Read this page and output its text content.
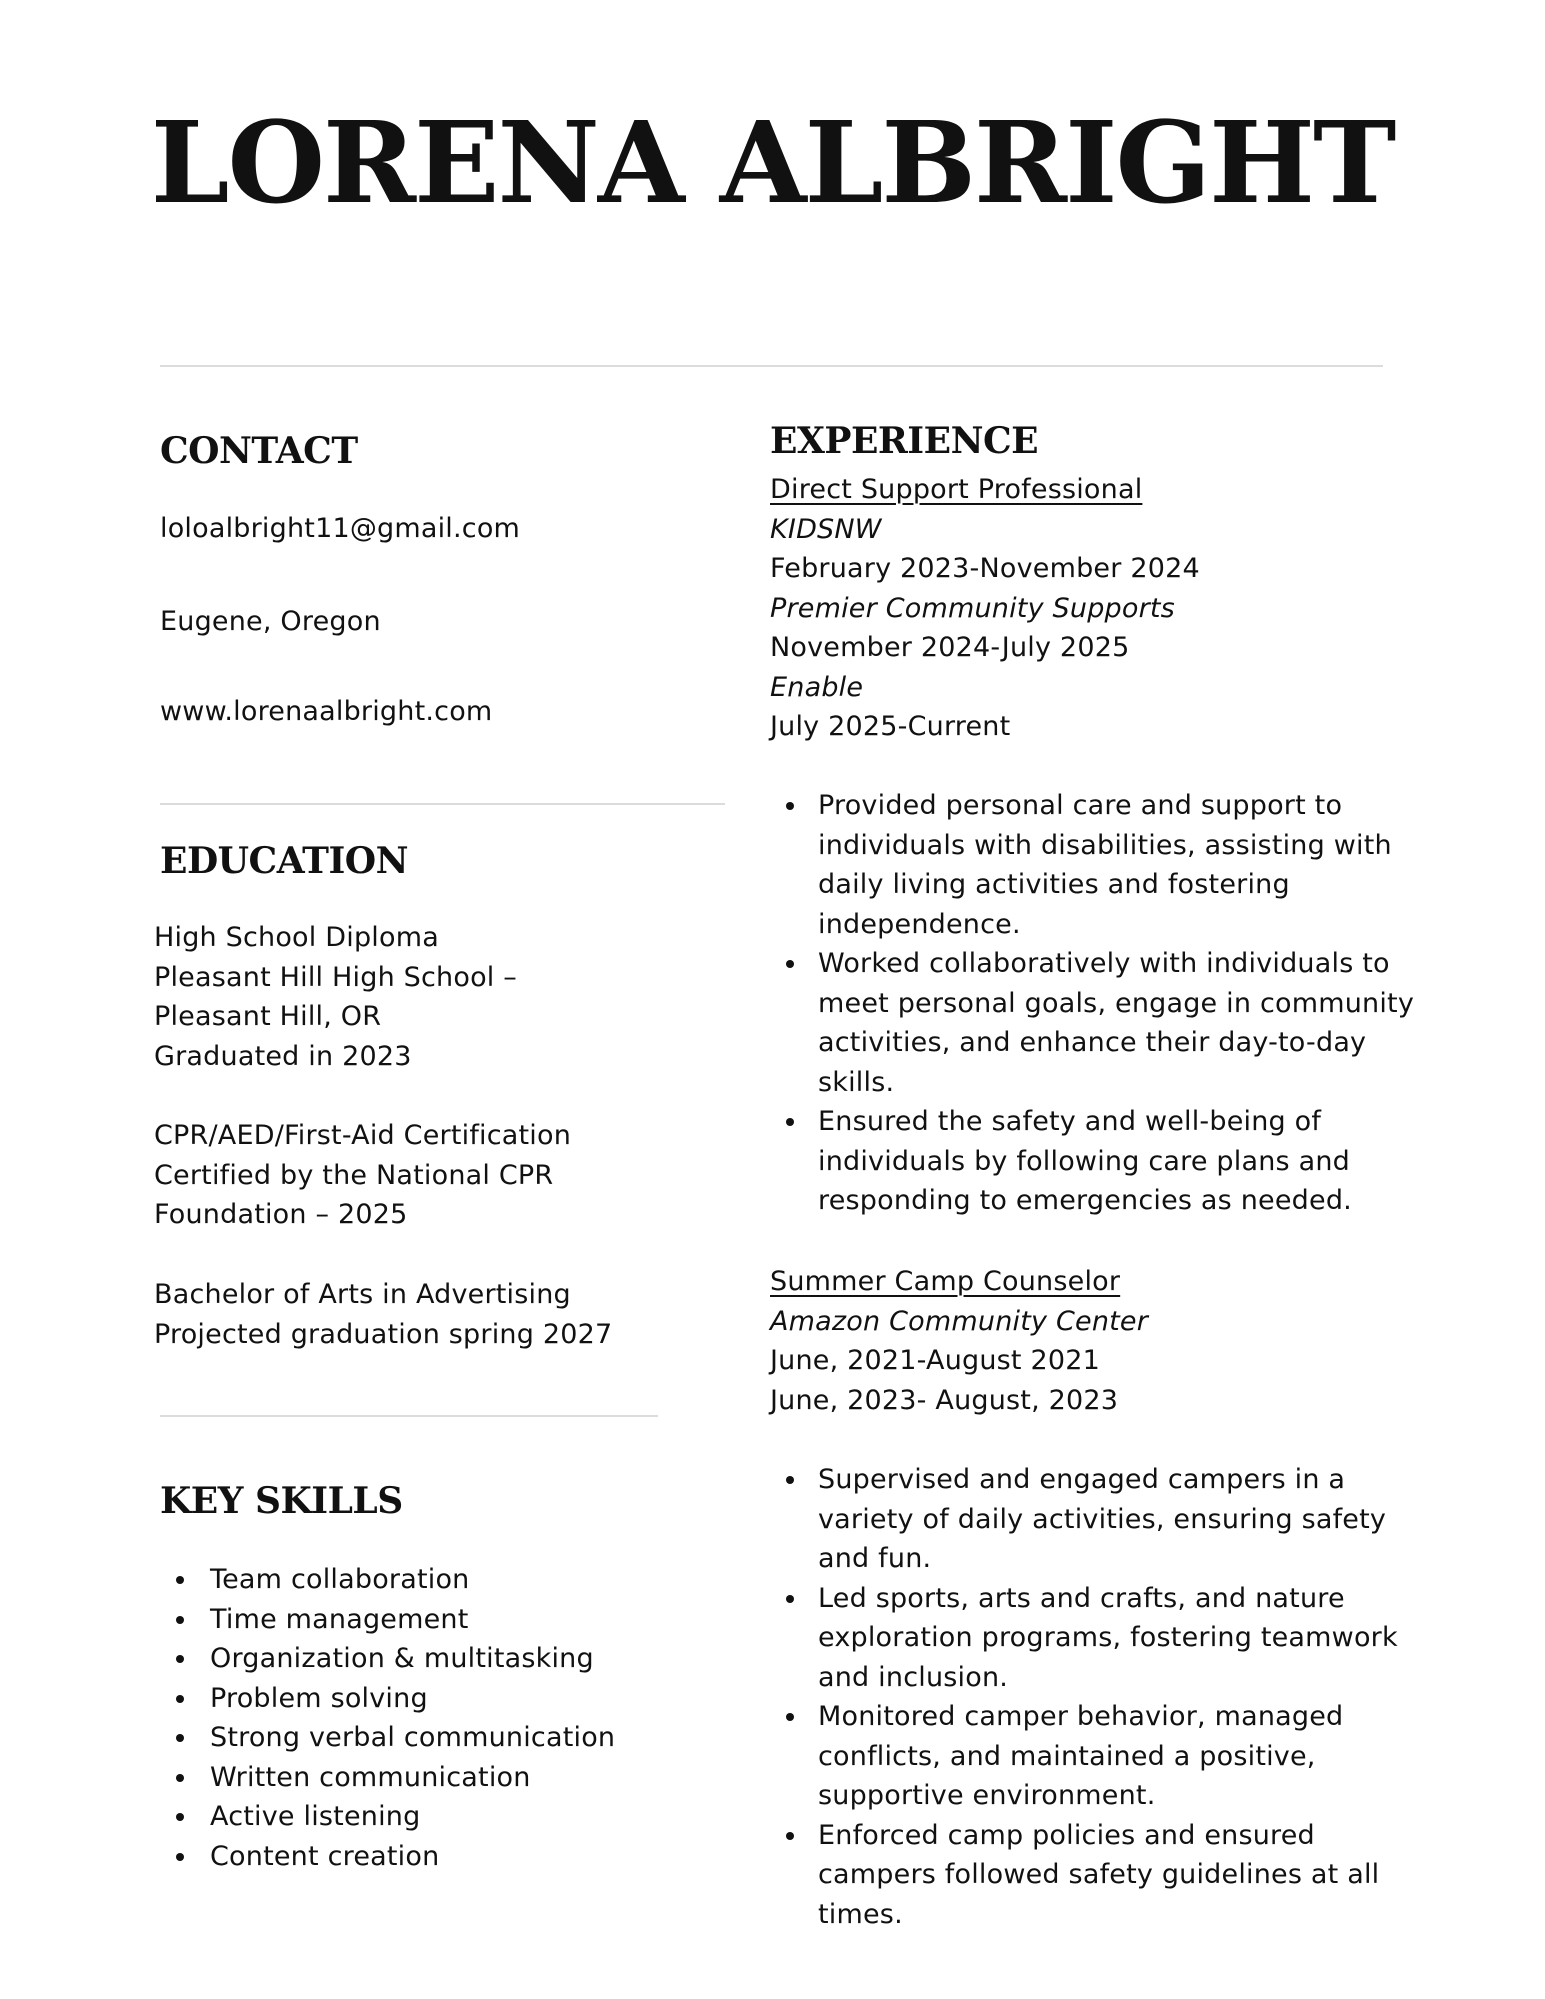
LORENA ALBRIGHT
CONTACT
loloalbright11@gmail.com
Eugene, Oregon
www.lorenaalbright.com
EDUCATION
High School Diploma
Pleasant Hill High School –
Pleasant Hill, OR
Graduated in 2023
CPR/AED/First-Aid Certification
Certified by the National CPR
Foundation – 2025
Bachelor of Arts in Advertising
Projected graduation spring 2027
KEY SKILLS
Team collaboration
Time management
Organization & multitasking
Problem solving
Strong verbal communication
Written communication
Active listening
Content creation
EXPERIENCE
Direct Support Professional
KIDSNW
February 2023-November 2024
Premier Community Supports
November 2024-July 2025
Enable
July 2025-Current
Provided personal care and support to
individuals with disabilities, assisting with
daily living activities and fostering
independence.
Worked collaboratively with individuals to
meet personal goals, engage in community
activities, and enhance their day-to-day
skills.
Ensured the safety and well-being of
individuals by following care plans and
responding to emergencies as needed.
Summer Camp Counselor
Amazon Community Center
June, 2021-August 2021
June, 2023- August, 2023
Supervised and engaged campers in a
variety of daily activities, ensuring safety
and fun.
Led sports, arts and crafts, and nature
exploration programs, fostering teamwork
and inclusion.
Monitored camper behavior, managed
conflicts, and maintained a positive,
supportive environment.
Enforced camp policies and ensured
campers followed safety guidelines at all
times.
